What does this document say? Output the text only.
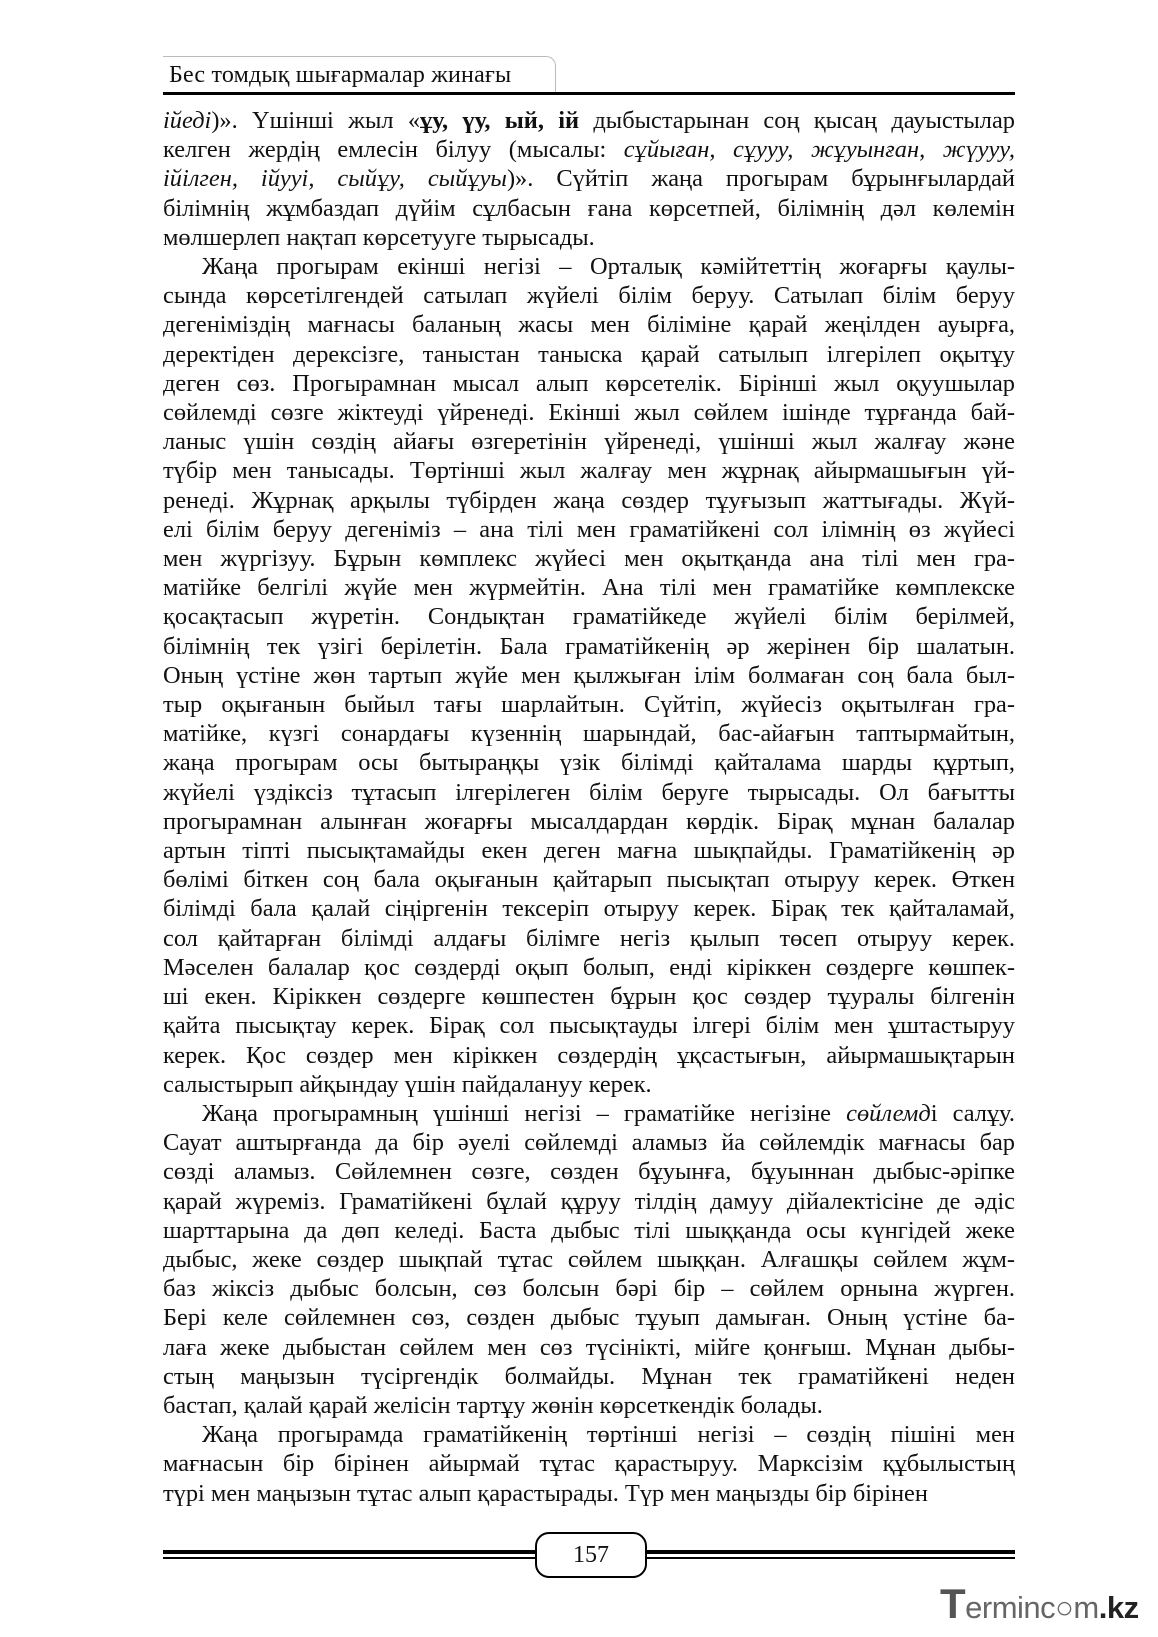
Бес томдық шығармалар жинағы
iйеді)». Үшінші жыл «ұу, үу, ый, ій дыбыстарынан соң қысаң дауыстылар
келген жердің емлесін білуу (мысалы: сұйыған, сұууу, жұуынған, жүууу,
iйілген, iйуyi, сыйұу, сыйұуы)». Сүйтіп жаңа прогырам бұрынғылардай
білімнің жұмбаздап дүйім сұлбасын ғана көрсетпей, білімнің дәл көлемін
мөлшерлеп нақтап көрсетууге тырысады.
Жаңа прогырам екінші негізі – Орталық кәмійтеттің жоғарғы қаулы-
сында көрсетілгендей сатылап жүйелі білім беруу. Сатылап білім беруу
дегеніміздің мағнасы баланың жасы мен біліміне қарай жеңілден ауырға,
деректіден дерексізге, таныстан таныска қарай сатылып ілгерілеп оқытұу
деген сөз. Прогырамнан мысал алып көрсетелік. Бірінші жыл оқуушылар
сөйлемді сөзге жіктеуді үйренеді. Екінші жыл сөйлем ішінде тұрғанда бай-
ланыс үшін сөздің айағы өзгеретінін үйренеді, үшінші жыл жалғау және
түбір мен танысады. Төртінші жыл жалғау мен жұрнақ айырмашығын үй-
ренеді. Жұрнақ арқылы түбірден жаңа сөздер тұуғызып жаттығады. Жүй-
елі білім беруу дегеніміз – ана тілі мен граматійкені сол ілімнің өз жүйесі
мен жүргізуу. Бұрын көмплекс жүйесі мен оқытқанда ана тілі мен гра-
матійке белгілі жүйе мен жүрмейтін. Ана тілі мен граматійке көмплекске
қосақтасып жүретін. Сондықтан граматійкеде жүйелі білім берілмей,
білімнің тек үзігі берілетін. Бала граматійкенің әр жерінен бір шалатын.
Оның үстіне жөн тартып жүйе мен қылжыған ілім болмаған соң бала был-
тыр оқығанын быйыл тағы шарлайтын. Сүйтіп, жүйесіз оқытылған гра-
матійке, күзгі сонардағы күзеннің шарындай, бас-айағын таптырмайтын,
жаңа прогырам осы бытыраңқы үзік білімді қайталама шарды құртып,
жүйелі үздіксіз тұтасып ілгерілеген білім беруге тырысады. Ол бағытты
прогырамнан алынған жоғарғы мысалдардан көрдік. Бірақ мұнан балалар
артын тіпті пысықтамайды екен деген мағна шықпайды. Граматійкенің әр
бөлімі біткен соң бала оқығанын қайтарып пысықтап отыруу керек. Өткен
білімді бала қалай сіңіргенін тексеріп отыруу керек. Бірақ тек қайталамай,
сол қайтарған білімді алдағы білімге негіз қылып төсеп отыруу керек.
Мәселен балалар қос сөздерді оқып болып, енді кіріккен сөздерге көшпек-
ші екен. Кіріккен сөздерге көшпестен бұрын қос сөздер тұуралы білгенін
қайта пысықтау керек. Бірақ сол пысықтауды ілгері білім мен ұштастыруу
керек. Қос сөздер мен кіріккен сөздердің ұқсастығын, айырмашықтарын
салыстырып айқындау үшін пайдалануу керек.
Жаңа прогырамның үшінші негізі – граматійке негізіне сөйлемді салұу.
Сауат аштырғанда да бір әуелі сөйлемді аламыз йа сөйлемдік мағнасы бар
сөзді аламыз. Сөйлемнен сөзге, сөзден бұуынға, бұуыннан дыбыс-әріпке
қарай жүреміз. Граматійкені бұлай құруу тілдің дамуу дійалектісіне де әдіс
шарттарына да дөп келеді. Баста дыбыс тілі шыққанда осы күнгідей жеке
дыбыс, жеке сөздер шықпай тұтас сөйлем шыққан. Алғашқы сөйлем жұм-
баз жіксіз дыбыс болсын, сөз болсын бәрі бір – сөйлем орнына жүрген.
Бері келе сөйлемнен сөз, сөзден дыбыс тұуып дамыған. Оның үстіне ба-
лаға жеке дыбыстан сөйлем мен сөз түсінікті, мійге қонғыш. Мұнан дыбы-
стың маңызын түсіргендік болмайды. Мұнан тек граматійкені неден
бастап, қалай қарай желісін тартұу жөнін көрсеткендік болады.
Жаңа прогырамда граматійкенің төртінші негізі – сөздің пішіні мен
мағнасын бір бірінен айырмай тұтас қарастыруу. Марксізім құбылыстың
түрі мен маңызын тұтас алып қарастырады. Түр мен маңызды бір бірінен
157
Terminc○m.kz
